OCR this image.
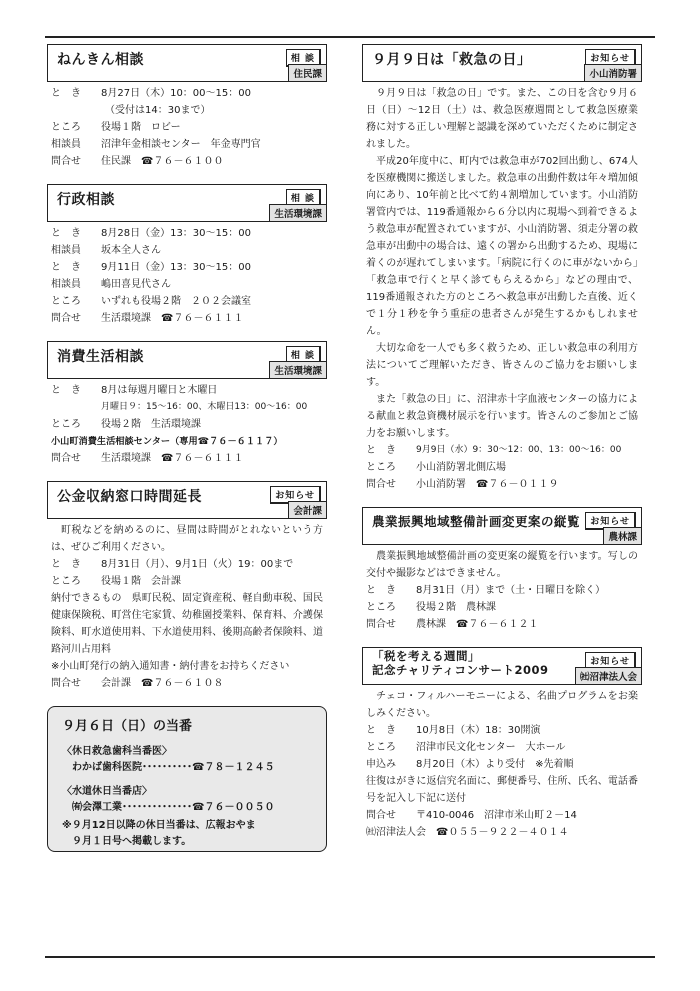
ねんきん相談	相 談
住民課
と　き	8月27日（木）10：00～15：00
（受付は14：30まで）
ところ	役場１階　ロビー
相談員	沼津年金相談センター　年金専門官
問合せ	住民課　☎７６－６１００
行政相談	相 談
生活環境課
と　き	8月28日（金）13：30～15：00
相談員	坂本全人さん
と　き	9月11日（金）13：30～15：00
相談員	嶋田喜見代さん
ところ	いずれも役場２階　２０２会議室
問合せ	生活環境課　☎７６－６１１１
消費生活相談	相 談
生活環境課
と　き	8月は毎週月曜日と木曜日
月曜日９：15～16：00、木曜日13：00～16：00
ところ	役場２階　生活環境課
小山町消費生活相談センター（専用☎７６－６１１７）
問合せ	生活環境課　☎７６－６１１１
公金収納窓口時間延長	お知らせ
会計課
町税などを納めるのに、昼間は時間がとれないという方は、ぜひご利用ください。
と　き	8月31日（月）、9月1日（火）19：00まで
ところ	役場１階　会計課
納付できるもの　県町民税、固定資産税、軽自動車税、国民健康保険税、町営住宅家賃、幼稚園授業料、保育料、介護保険料、町水道使用料、下水道使用料、後期高齢者保険料、道路河川占用料
※小山町発行の納入通知書・納付書をお持ちください
問合せ	会計課　☎７６－６１０８
９月６日（日）の当番
〈休日救急歯科当番医〉
わかば歯科医院･･････････☎７８－１２４５
〈水道休日当番店〉
㈲会澤工業･･････････････☎７６－００５０
※９月12日以降の休日当番は、広報おやま
９月１日号へ掲載します。
９月９日は「救急の日」	お知らせ
小山消防署
９月９日は「救急の日」です。また、この日を含む９月６日（日）～12日（土）は、救急医療週間として救急医療業務に対する正しい理解と認識を深めていただくために制定されました。
平成20年度中に、町内では救急車が702回出動し、674人を医療機関に搬送しました。救急車の出動件数は年々増加傾向にあり、10年前と比べて約４割増加しています。小山消防署管内では、119番通報から６分以内に現場へ到着できるよう救急車が配置されていますが、小山消防署、須走分署の救急車が出動中の場合は、遠くの署から出動するため、現場に着くのが遅れてしまいます。「病院に行くのに車がないから」「救急車で行くと早く診てもらえるから」などの理由で、119番通報された方のところへ救急車が出動した直後、近くで１分１秒を争う重症の患者さんが発生するかもしれません。
大切な命を一人でも多く救うため、正しい救急車の利用方法についてご理解いただき、皆さんのご協力をお願いします。
また「救急の日」に、沼津赤十字血液センターの協力による献血と救急資機材展示を行います。皆さんのご参加とご協力をお願いします。
と　き	9月9日（水）9：30～12：00、13：00～16：00
ところ	小山消防署北側広場
問合せ	小山消防署　☎７６－０１１９
農業振興地域整備計画変更案の縦覧	お知らせ
農林課
農業振興地域整備計画の変更案の縦覧を行います。写しの交付や撮影などはできません。
と　き	8月31日（月）まで（土・日曜日を除く）
ところ	役場２階　農林課
問合せ	農林課　☎７６－６１２１
「税を考える週間」
記念チャリティコンサート2009
お知らせ
㈳沼津法人会
チェコ・フィルハーモニーによる、名曲プログラムをお楽しみください。
と　き	10月8日（木）18：30開演
ところ	沼津市民文化センター　大ホール
申込み	8月20日（木）より受付　※先着順
往復はがきに返信究名面に、郵便番号、住所、氏名、電話番号を記入し下記に送付
問合せ	〒410-0046　沼津市米山町２－14
㈳沼津法人会　☎０５５－９２２－４０１４
